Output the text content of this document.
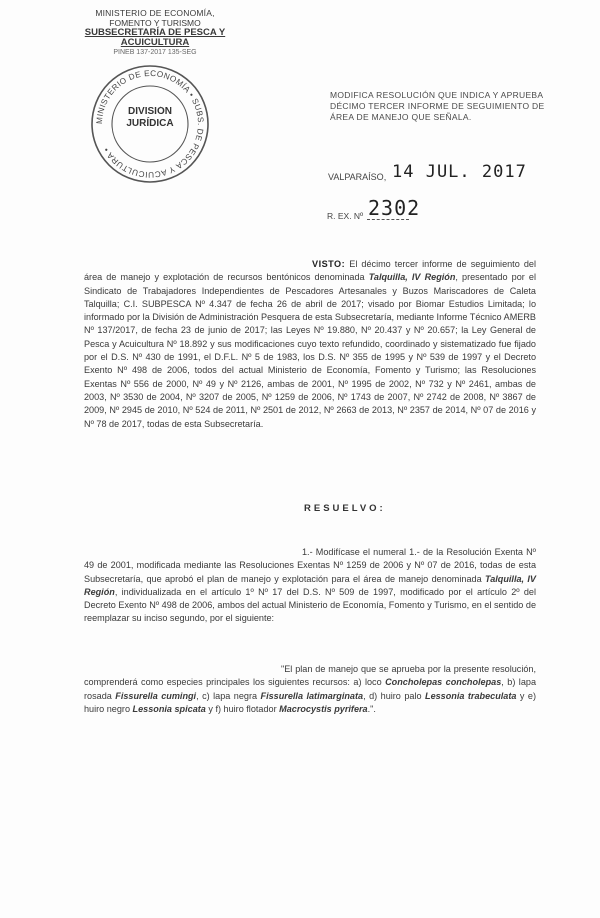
MINISTERIO DE ECONOMÍA,
FOMENTO Y TURISMO
SUBSECRETARÍA DE PESCA Y ACUICULTURA
PINEB 137-2017 135-SEG
MINISTERIO DE ECONOMÍA • SUBS. DE PESCA Y ACUICULTURA •
DIVISIÓN JURÍDICA
MODIFICA RESOLUCIÓN QUE INDICA Y APRUEBA DÉCIMO TERCER INFORME DE SEGUIMIENTO DE ÁREA DE MANEJO QUE SEÑALA.
VALPARAÍSO, 14 JUL. 2017
R. EX. Nº 2302
VISTO: El décimo tercer informe de seguimiento del área de manejo y explotación de recursos bentónicos denominada Talquilla, IV Región, presentado por el Sindicato de Trabajadores Independientes de Pescadores Artesanales y Buzos Mariscadores de Caleta Talquilla; C.I. SUBPESCA Nº 4.347 de fecha 26 de abril de 2017; visado por Biomar Estudios Limitada; lo informado por la División de Administración Pesquera de esta Subsecretaría, mediante Informe Técnico AMERB Nº 137/2017, de fecha 23 de junio de 2017; las Leyes Nº 19.880, Nº 20.437 y Nº 20.657; la Ley General de Pesca y Acuicultura Nº 18.892 y sus modificaciones cuyo texto refundido, coordinado y sistematizado fue fijado por el D.S. Nº 430 de 1991, el D.F.L. Nº 5 de 1983, los D.S. Nº 355 de 1995 y Nº 539 de 1997 y el Decreto Exento Nº 498 de 2006, todos del actual Ministerio de Economía, Fomento y Turismo; las Resoluciones Exentas Nº 556 de 2000, Nº 49 y Nº 2126, ambas de 2001, Nº 1995 de 2002, Nº 732 y Nº 2461, ambas de 2003, Nº 3530 de 2004, Nº 3207 de 2005, Nº 1259 de 2006, Nº 1743 de 2007, Nº 2742 de 2008, Nº 3867 de 2009, Nº 2945 de 2010, Nº 524 de 2011, Nº 2501 de 2012, Nº 2663 de 2013, Nº 2357 de 2014, Nº 07 de 2016 y Nº 78 de 2017, todas de esta Subsecretaría.
RESUELVO:
1.- Modifícase el numeral 1.- de la Resolución Exenta Nº 49 de 2001, modificada mediante las Resoluciones Exentas Nº 1259 de 2006 y Nº 07 de 2016, todas de esta Subsecretaría, que aprobó el plan de manejo y explotación para el área de manejo denominada Talquilla, IV Región, individualizada en el artículo 1º Nº 17 del D.S. Nº 509 de 1997, modificado por el artículo 2º del Decreto Exento Nº 498 de 2006, ambos del actual Ministerio de Economía, Fomento y Turismo, en el sentido de reemplazar su inciso segundo, por el siguiente:
"El plan de manejo que se aprueba por la presente resolución, comprenderá como especies principales los siguientes recursos: a) loco Concholepas concholepas, b) lapa rosada Fissurella cumingi, c) lapa negra Fissurella latimarginata, d) huiro palo Lessonia trabeculata y e) huiro negro Lessonia spicata y f) huiro flotador Macrocystis pyrifera.".
